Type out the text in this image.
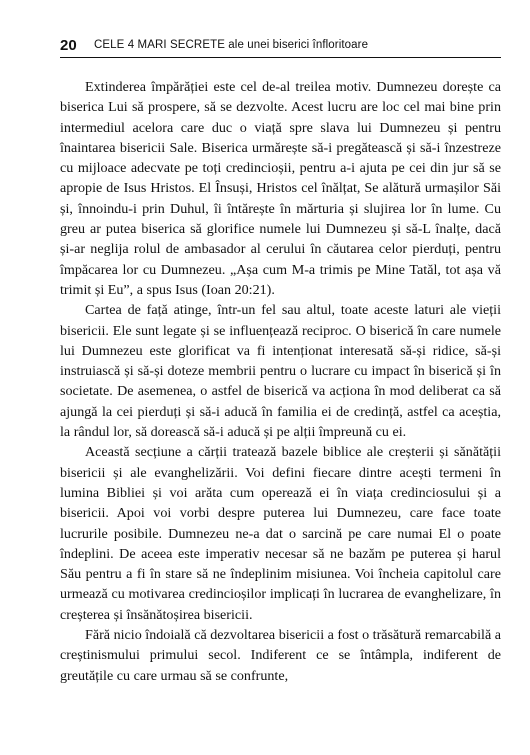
20 CELE 4 MARI SECRETE ale unei biserici înfloritoare

Extinderea împărăției este cel de-al treilea motiv. Dumnezeu dorește ca biserica Lui să prospere, să se dezvolte. Acest lucru are loc cel mai bine prin intermediul acelora care duc o viață spre slava lui Dumnezeu și pentru înaintarea bisericii Sale. Biserica urmărește să-i pregătească și să-i înzestreze cu mijloace adecvate pe toți credincioșii, pentru a-i ajuta pe cei din jur să se apropie de Isus Hristos. El Însuși, Hristos cel înălțat, Se alătură urmașilor Săi și, înnoindu-i prin Duhul, îi întărește în mărturia și slujirea lor în lume. Cu greu ar putea biserica să glorifice numele lui Dumnezeu și să-L înalțe, dacă și-ar neglija rolul de ambasador al cerului în căutarea celor pierduți, pentru împăcarea lor cu Dumnezeu. „Așa cum M-a trimis pe Mine Tatăl, tot așa vă trimit și Eu”, a spus Isus (Ioan 20:21).

Cartea de față atinge, într-un fel sau altul, toate aceste laturi ale vieții bisericii. Ele sunt legate și se influențează reciproc. O biserică în care numele lui Dumnezeu este glorificat va fi intenționat interesată să-și ridice, să-și instruiască și să-și doteze membrii pentru o lucrare cu impact în biserică și în societate. De asemenea, o astfel de biserică va acționa în mod deliberat ca să ajungă la cei pierduți și să-i aducă în familia ei de credință, astfel ca aceștia, la rândul lor, să dorească să-i aducă și pe alții împreună cu ei.

Această secțiune a cărții tratează bazele biblice ale creșterii și sănătății bisericii și ale evanghelizării. Voi defini fiecare dintre acești termeni în lumina Bibliei și voi arăta cum operează ei în viața credinciosului și a bisericii. Apoi voi vorbi despre puterea lui Dumnezeu, care face toate lucrurile posibile. Dumnezeu ne-a dat o sarcină pe care numai El o poate îndeplini. De aceea este imperativ necesar să ne bazăm pe puterea și harul Său pentru a fi în stare să ne îndeplinim misiunea. Voi încheia capitolul care urmează cu motivarea credincioșilor implicați în lucrarea de evanghelizare, în creșterea și însănătoșirea bisericii.

Fără nicio îndoială că dezvoltarea bisericii a fost o trăsătură remarcabilă a creștinismului primului secol. Indiferent ce se întâmpla, indiferent de greutățile cu care urmau să se confrunte,
